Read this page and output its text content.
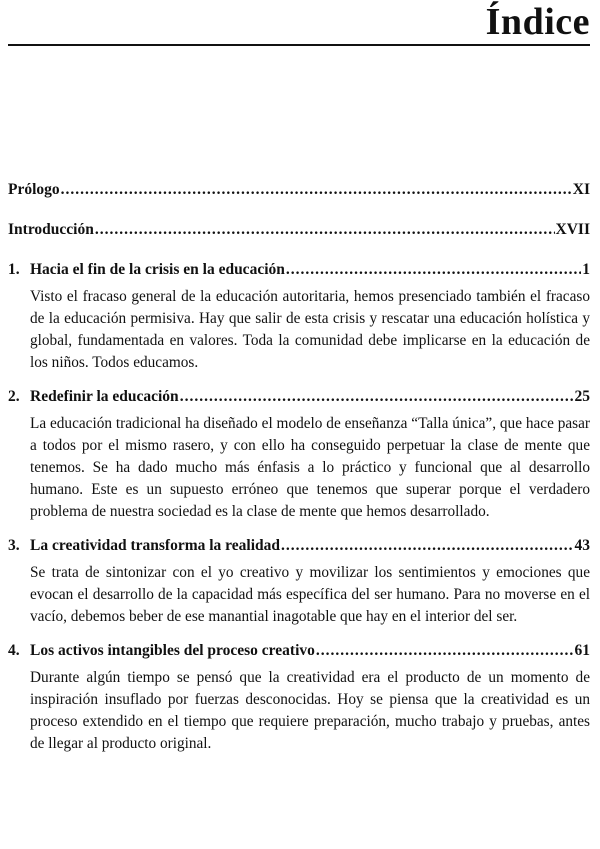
Índice
Prólogo .....	XI
Introducción .....	XVII
1. Hacia el fin de la crisis en la educación .....	1

Visto el fracaso general de la educación autoritaria, hemos presenciado también el fracaso de la educación permisiva. Hay que salir de esta crisis y rescatar una educación holística y global, fundamentada en valores. Toda la comunidad debe implicarse en la educación de los niños. Todos educamos.

2. Redefinir la educación .....	25

La educación tradicional ha diseñado el modelo de enseñanza “Talla única”, que hace pasar a todos por el mismo rasero, y con ello ha conseguido perpetuar la clase de mente que tenemos. Se ha dado mucho más énfasis a lo práctico y funcional que al desarrollo humano. Este es un supuesto erróneo que tenemos que superar porque el verdadero problema de nuestra sociedad es la clase de mente que hemos desarrollado.

3. La creatividad transforma la realidad .....	43

Se trata de sintonizar con el yo creativo y movilizar los sentimientos y emociones que evocan el desarrollo de la capacidad más específica del ser humano. Para no moverse en el vacío, debemos beber de ese manantial inagotable que hay en el interior del ser.

4. Los activos intangibles del proceso creativo .....	61

Durante algún tiempo se pensó que la creatividad era el producto de un momento de inspiración insuflado por fuerzas desconocidas. Hoy se piensa que la creatividad es un proceso extendido en el tiempo que requiere preparación, mucho trabajo y pruebas, antes de llegar al producto original.
